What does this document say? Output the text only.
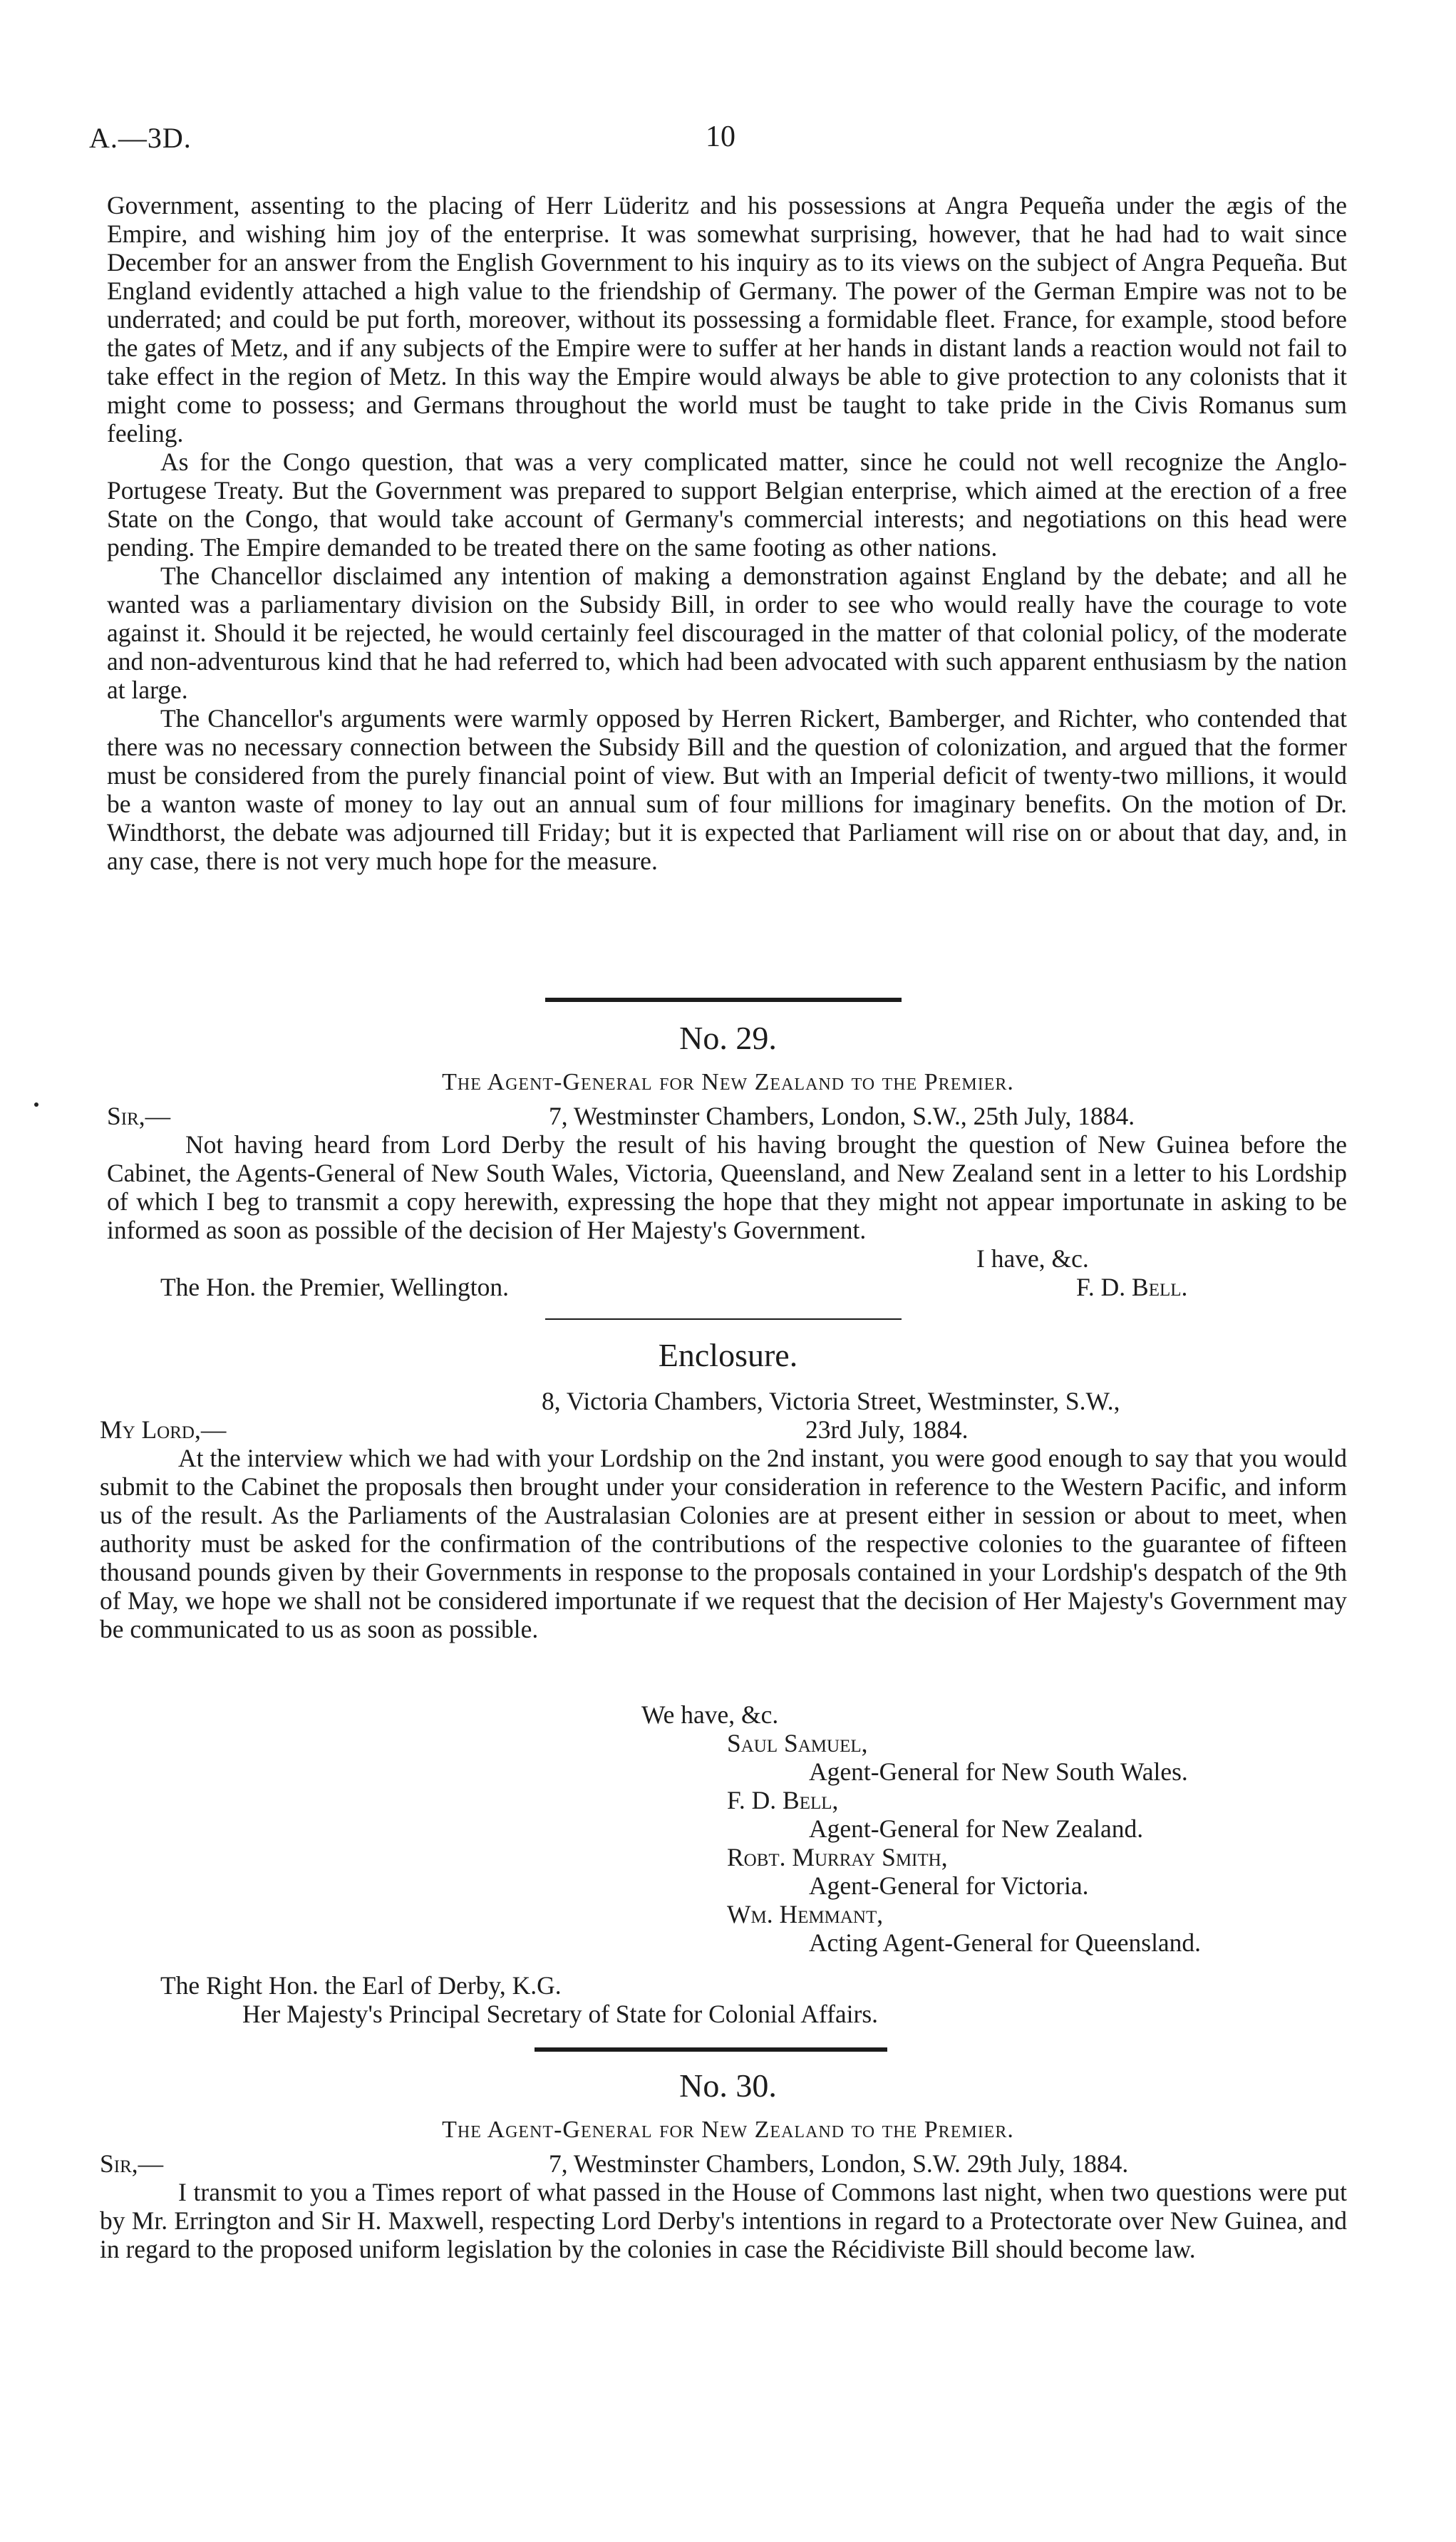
A.—3D.	10

Government, assenting to the placing of Herr Lüderitz and his possessions at Angra Pequeña under the ægis of the Empire, and wishing him joy of the enterprise. It was somewhat surprising, however, that he had had to wait since December for an answer from the English Government to his inquiry as to its views on the subject of Angra Pequeña. But England evidently attached a high value to the friendship of Germany. The power of the German Empire was not to be underrated; and could be put forth, moreover, without its possessing a formidable fleet. France, for example, stood before the gates of Metz, and if any subjects of the Empire were to suffer at her hands in distant lands a reaction would not fail to take effect in the region of Metz. In this way the Empire would always be able to give protection to any colonists that it might come to possess; and Germans throughout the world must be taught to take pride in the Civis Romanus sum feeling.

As for the Congo question, that was a very complicated matter, since he could not well recognize the Anglo-Portugese Treaty. But the Government was prepared to support Belgian enterprise, which aimed at the erection of a free State on the Congo, that would take account of Germany's commercial interests; and negotiations on this head were pending. The Empire demanded to be treated there on the same footing as other nations.

The Chancellor disclaimed any intention of making a demonstration against England by the debate; and all he wanted was a parliamentary division on the Subsidy Bill, in order to see who would really have the courage to vote against it. Should it be rejected, he would certainly feel discouraged in the matter of that colonial policy, of the moderate and non-adventurous kind that he had referred to, which had been advocated with such apparent enthusiasm by the nation at large.

The Chancellor's arguments were warmly opposed by Herren Rickert, Bamberger, and Richter, who contended that there was no necessary connection between the Subsidy Bill and the question of colonization, and argued that the former must be considered from the purely financial point of view. But with an Imperial deficit of twenty-two millions, it would be a wanton waste of money to lay out an annual sum of four millions for imaginary benefits. On the motion of Dr. Windthorst, the debate was adjourned till Friday; but it is expected that Parliament will rise on or about that day, and, in any case, there is not very much hope for the measure.

No. 29.
The Agent-General for New Zealand to the Premier.
Sir,—	7, Westminster Chambers, London, S.W., 25th July, 1884.

Not having heard from Lord Derby the result of his having brought the question of New Guinea before the Cabinet, the Agents-General of New South Wales, Victoria, Queensland, and New Zealand sent in a letter to his Lordship of which I beg to transmit a copy herewith, expressing the hope that they might not appear importunate in asking to be informed as soon as possible of the decision of Her Majesty's Government.

I have, &c.
The Hon. the Premier, Wellington.	F. D. Bell.
Enclosure.
8, Victoria Chambers, Victoria Street, Westminster, S.W.,
My Lord,—	23rd July, 1884.

At the interview which we had with your Lordship on the 2nd instant, you were good enough to say that you would submit to the Cabinet the proposals then brought under your consideration in reference to the Western Pacific, and inform us of the result. As the Parliaments of the Australasian Colonies are at present either in session or about to meet, when authority must be asked for the confirmation of the contributions of the respective colonies to the guarantee of fifteen thousand pounds given by their Governments in response to the proposals contained in your Lordship's despatch of the 9th of May, we hope we shall not be considered importunate if we request that the decision of Her Majesty's Government may be communicated to us as soon as possible.

We have, &c.
Saul Samuel,
Agent-General for New South Wales.
F. D. Bell,
Agent-General for New Zealand.
Robt. Murray Smith,
Agent-General for Victoria.
Wm. Hemmant,
Acting Agent-General for Queensland.
The Right Hon. the Earl of Derby, K.G.
Her Majesty's Principal Secretary of State for Colonial Affairs.
No. 30.
The Agent-General for New Zealand to the Premier.
Sir,—	7, Westminster Chambers, London, S.W. 29th July, 1884.

I transmit to you a Times report of what passed in the House of Commons last night, when two questions were put by Mr. Errington and Sir H. Maxwell, respecting Lord Derby's intentions in regard to a Protectorate over New Guinea, and in regard to the proposed uniform legislation by the colonies in case the Récidiviste Bill should become law.
